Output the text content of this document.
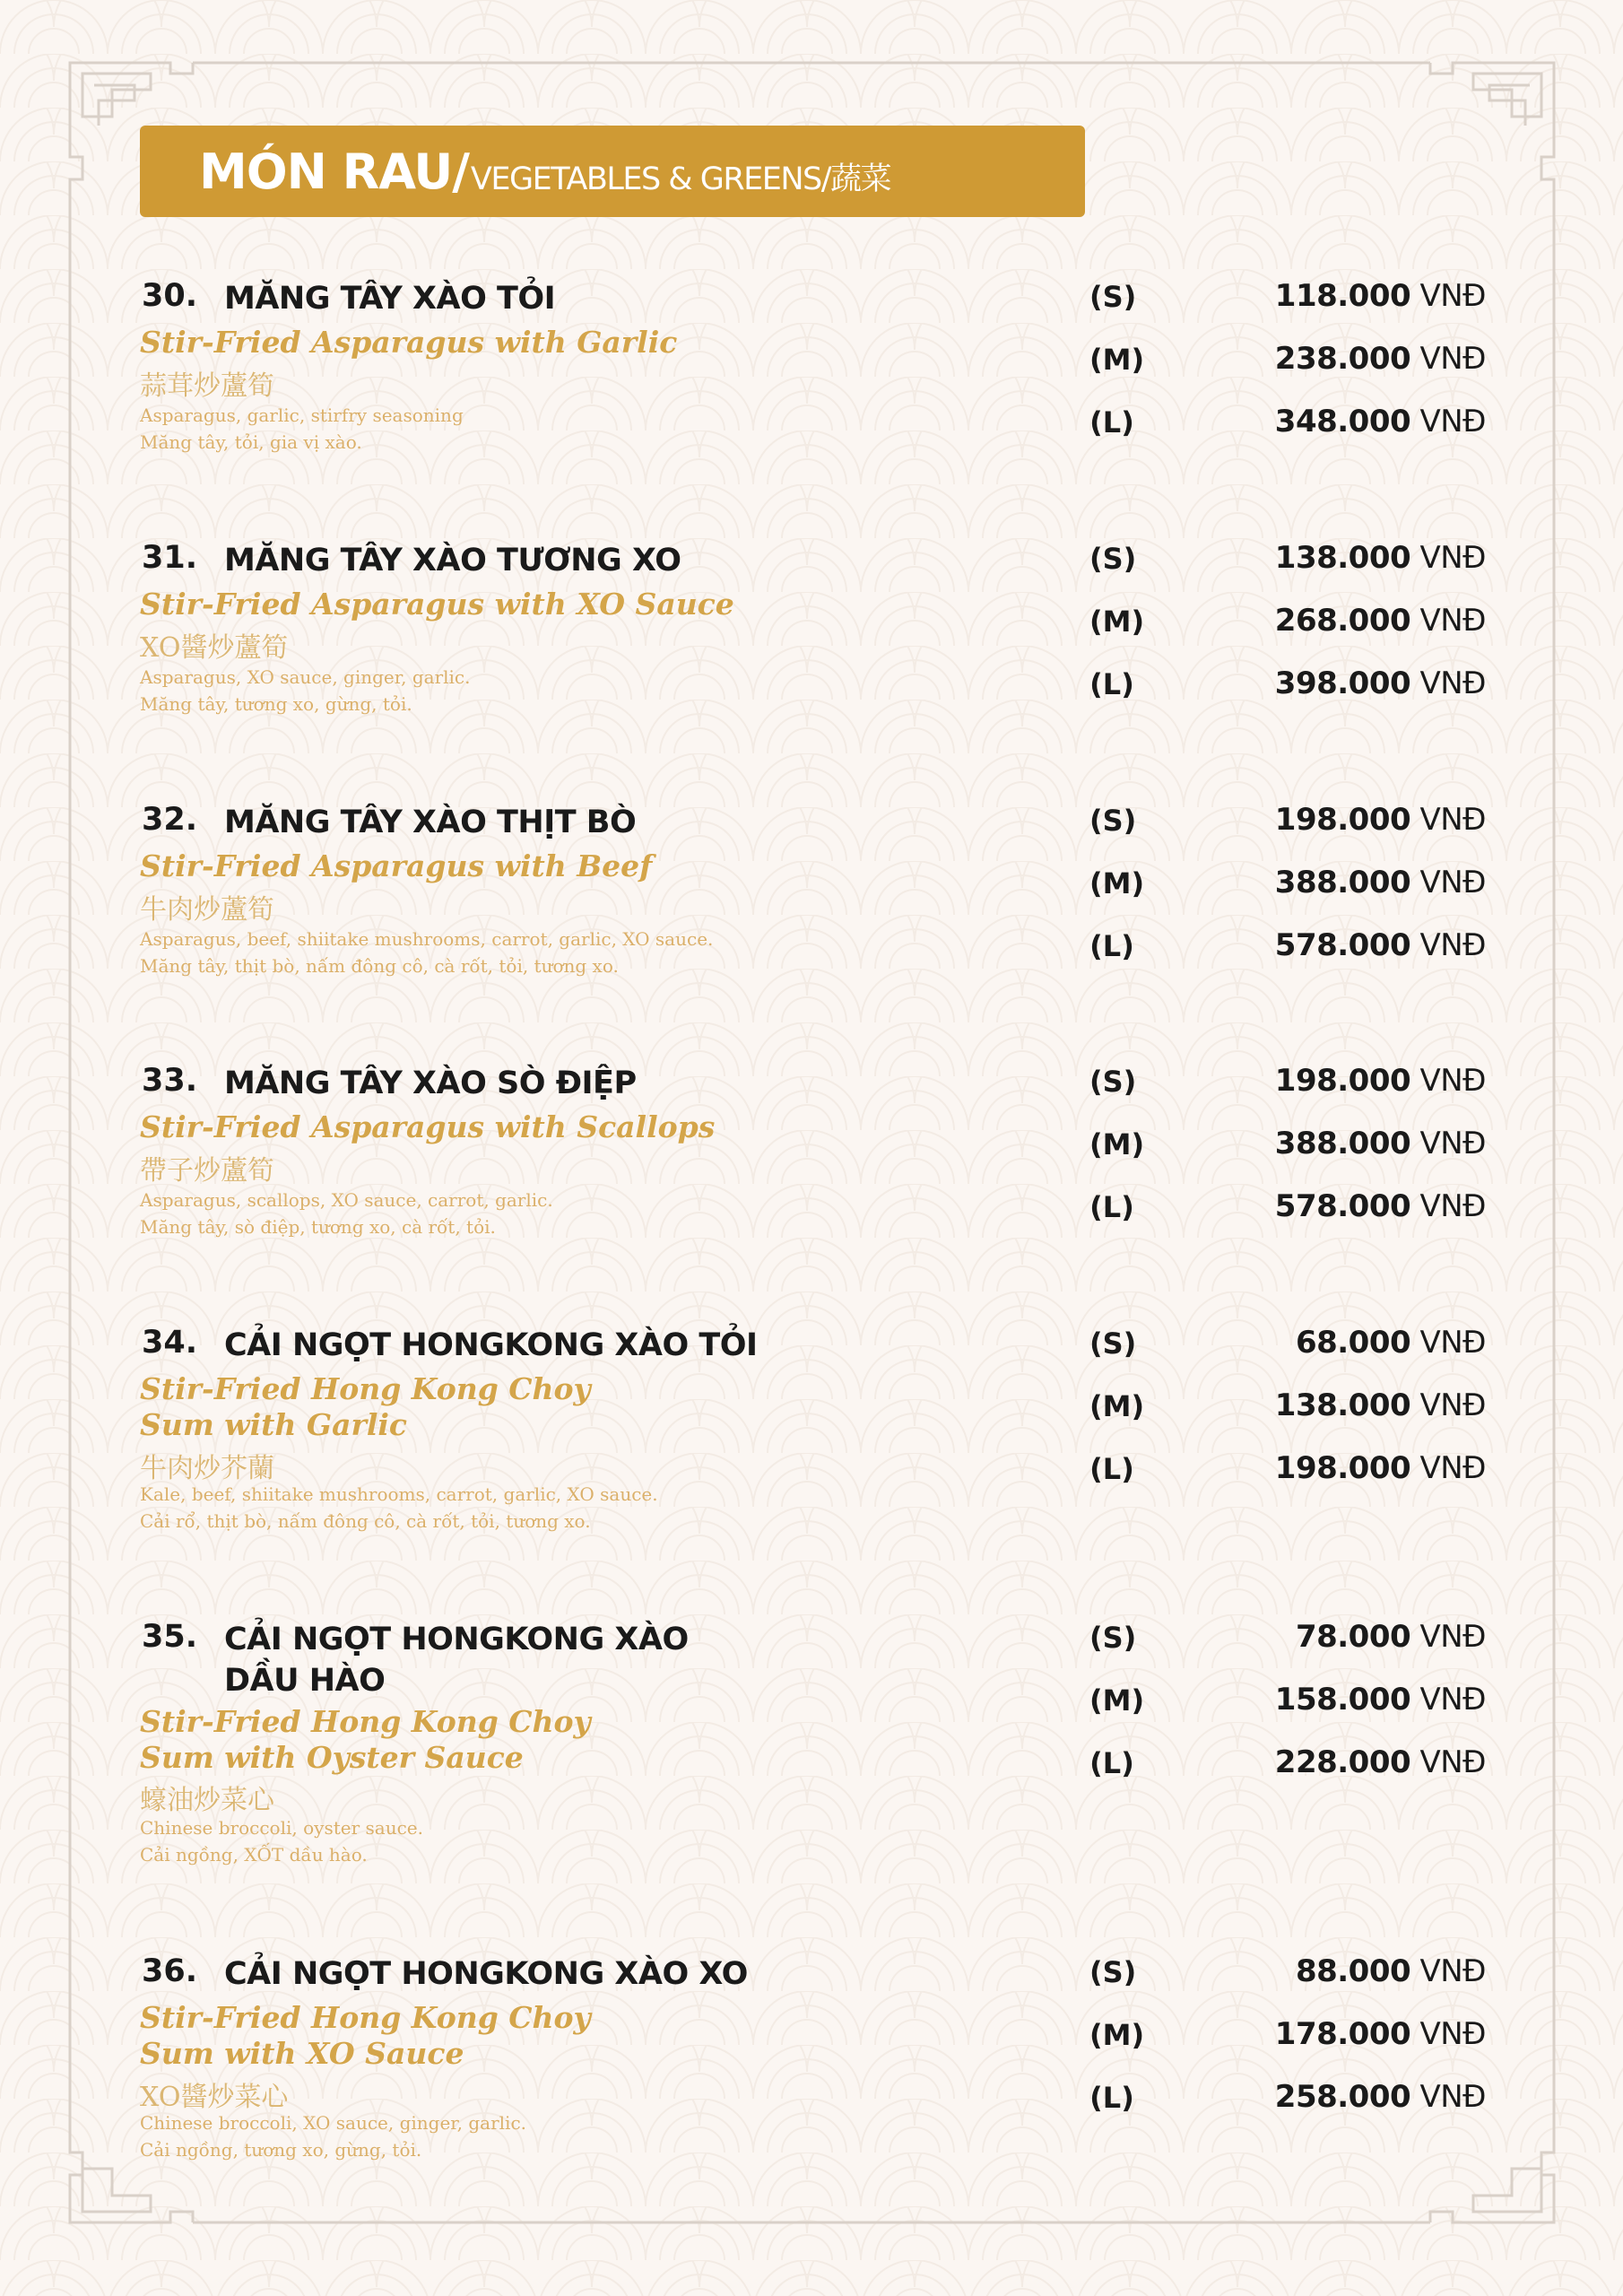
MÓN RAU/ VEGETABLES & GREENS/蔬菜
30. MĂNG TÂY XÀO TỎI
Stir-Fried Asparagus with Garlic
蒜茸炒蘆筍
Asparagus, garlic, stirfry seasoning
Măng tây, tỏi, gia vị xào.
(S)
(M)
(L)
118.000 VNĐ
238.000 VNĐ
348.000 VNĐ
31. MĂNG TÂY XÀO TƯƠNG XO
Stir-Fried Asparagus with XO Sauce
XO醬炒蘆筍
Asparagus, XO sauce, ginger, garlic.
Măng tây, tương xo, gừng, tỏi.
(S)
(M)
(L)
138.000 VNĐ
268.000 VNĐ
398.000 VNĐ
32. MĂNG TÂY XÀO THỊT BÒ
Stir-Fried Asparagus with Beef
牛肉炒蘆筍
Asparagus, beef, shiitake mushrooms, carrot, garlic, XO sauce.
Măng tây, thịt bò, nấm đông cô, cà rốt, tỏi, tương xo.
(S)
(M)
(L)
198.000 VNĐ
388.000 VNĐ
578.000 VNĐ
33. MĂNG TÂY XÀO SÒ ĐIỆP
Stir-Fried Asparagus with Scallops
帶子炒蘆筍
Asparagus, scallops, XO sauce, carrot, garlic.
Măng tây, sò điệp, tương xo, cà rốt, tỏi.
(S)
(M)
(L)
198.000 VNĐ
388.000 VNĐ
578.000 VNĐ
34. CẢI NGỌT HONGKONG XÀO TỎI
Stir-Fried Hong Kong Choy Sum with Garlic
牛肉炒芥蘭
Kale, beef, shiitake mushrooms, carrot, garlic, XO sauce.
Cải rổ, thịt bò, nấm đông cô, cà rốt, tỏi, tương xo.
(S)
(M)
(L)
68.000 VNĐ
138.000 VNĐ
198.000 VNĐ
35. CẢI NGỌT HONGKONG XÀO DẦU HÀO
Stir-Fried Hong Kong Choy Sum with Oyster Sauce
蠔油炒菜心
Chinese broccoli, oyster sauce.
Cải ngồng, XỐT dầu hào.
(S)
(M)
(L)
78.000 VNĐ
158.000 VNĐ
228.000 VNĐ
36. CẢI NGỌT HONGKONG XÀO XO
Stir-Fried Hong Kong Choy Sum with XO Sauce
XO醬炒菜心
Chinese broccoli, XO sauce, ginger, garlic.
Cải ngồng, tương xo, gừng, tỏi.
(S)
(M)
(L)
88.000 VNĐ
178.000 VNĐ
258.000 VNĐ
